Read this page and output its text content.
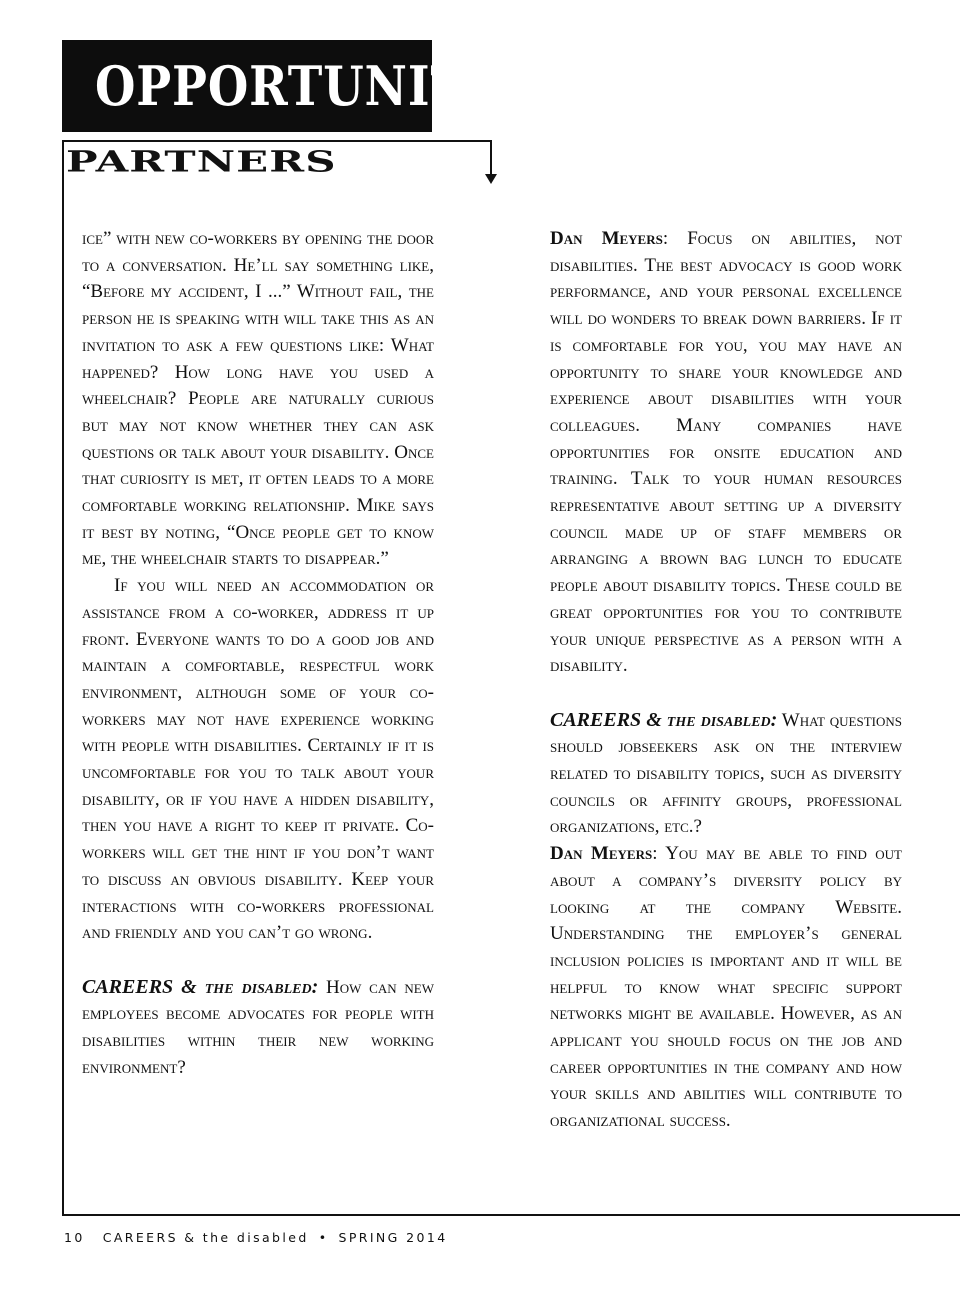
OPPORTUNITY
PARTNERS

ice” with new co-workers by opening the door to a conversation. He’ll say something like, “Before my accident, I ...” Without fail, the person he is speaking with will take this as an invitation to ask a few questions like: What happened? How long have you used a wheelchair? People are naturally curious but may not know whether they can ask questions or talk about your disability. Once that curiosity is met, it often leads to a more comfortable working relationship. Mike says it best by noting, “Once people get to know me, the wheelchair starts to disappear.”

If you will need an accommodation or assistance from a co-worker, address it up front. Everyone wants to do a good job and maintain a comfortable, respectful work environment, although some of your co-workers may not have experience working with people with disabilities. Certainly if it is uncomfortable for you to talk about your disability, or if you have a hidden disability, then you have a right to keep it private. Co-workers will get the hint if you don’t want to discuss an obvious disability. Keep your interactions with co-workers professional and friendly and you can’t go wrong.

CAREERS & the disabled: How can new employees become advocates for people with disabilities within their new working environment?

Dan Meyers: Focus on abilities, not disabilities. The best advocacy is good work performance, and your personal excellence will do wonders to break down barriers. If it is comfortable for you, you may have an opportunity to share your knowledge and experience about disabilities with your colleagues. Many companies have opportunities for onsite education and training. Talk to your human resources representative about setting up a diversity council made up of staff members or arranging a brown bag lunch to educate people about disability topics. These could be great opportunities for you to contribute your unique perspective as a person with a disability.

CAREERS & the disabled: What questions should jobseekers ask on the interview related to disability topics, such as diversity councils or affinity groups, professional organizations, etc.?

Dan Meyers: You may be able to find out about a company’s diversity policy by looking at the company Website. Understanding the employer’s general inclusion policies is important and it will be helpful to know what specific support networks might be available. However, as an applicant you should focus on the job and career opportunities in the company and how your skills and abilities will contribute to organizational success.

10 CAREERS & the disabled • SPRING 2014
